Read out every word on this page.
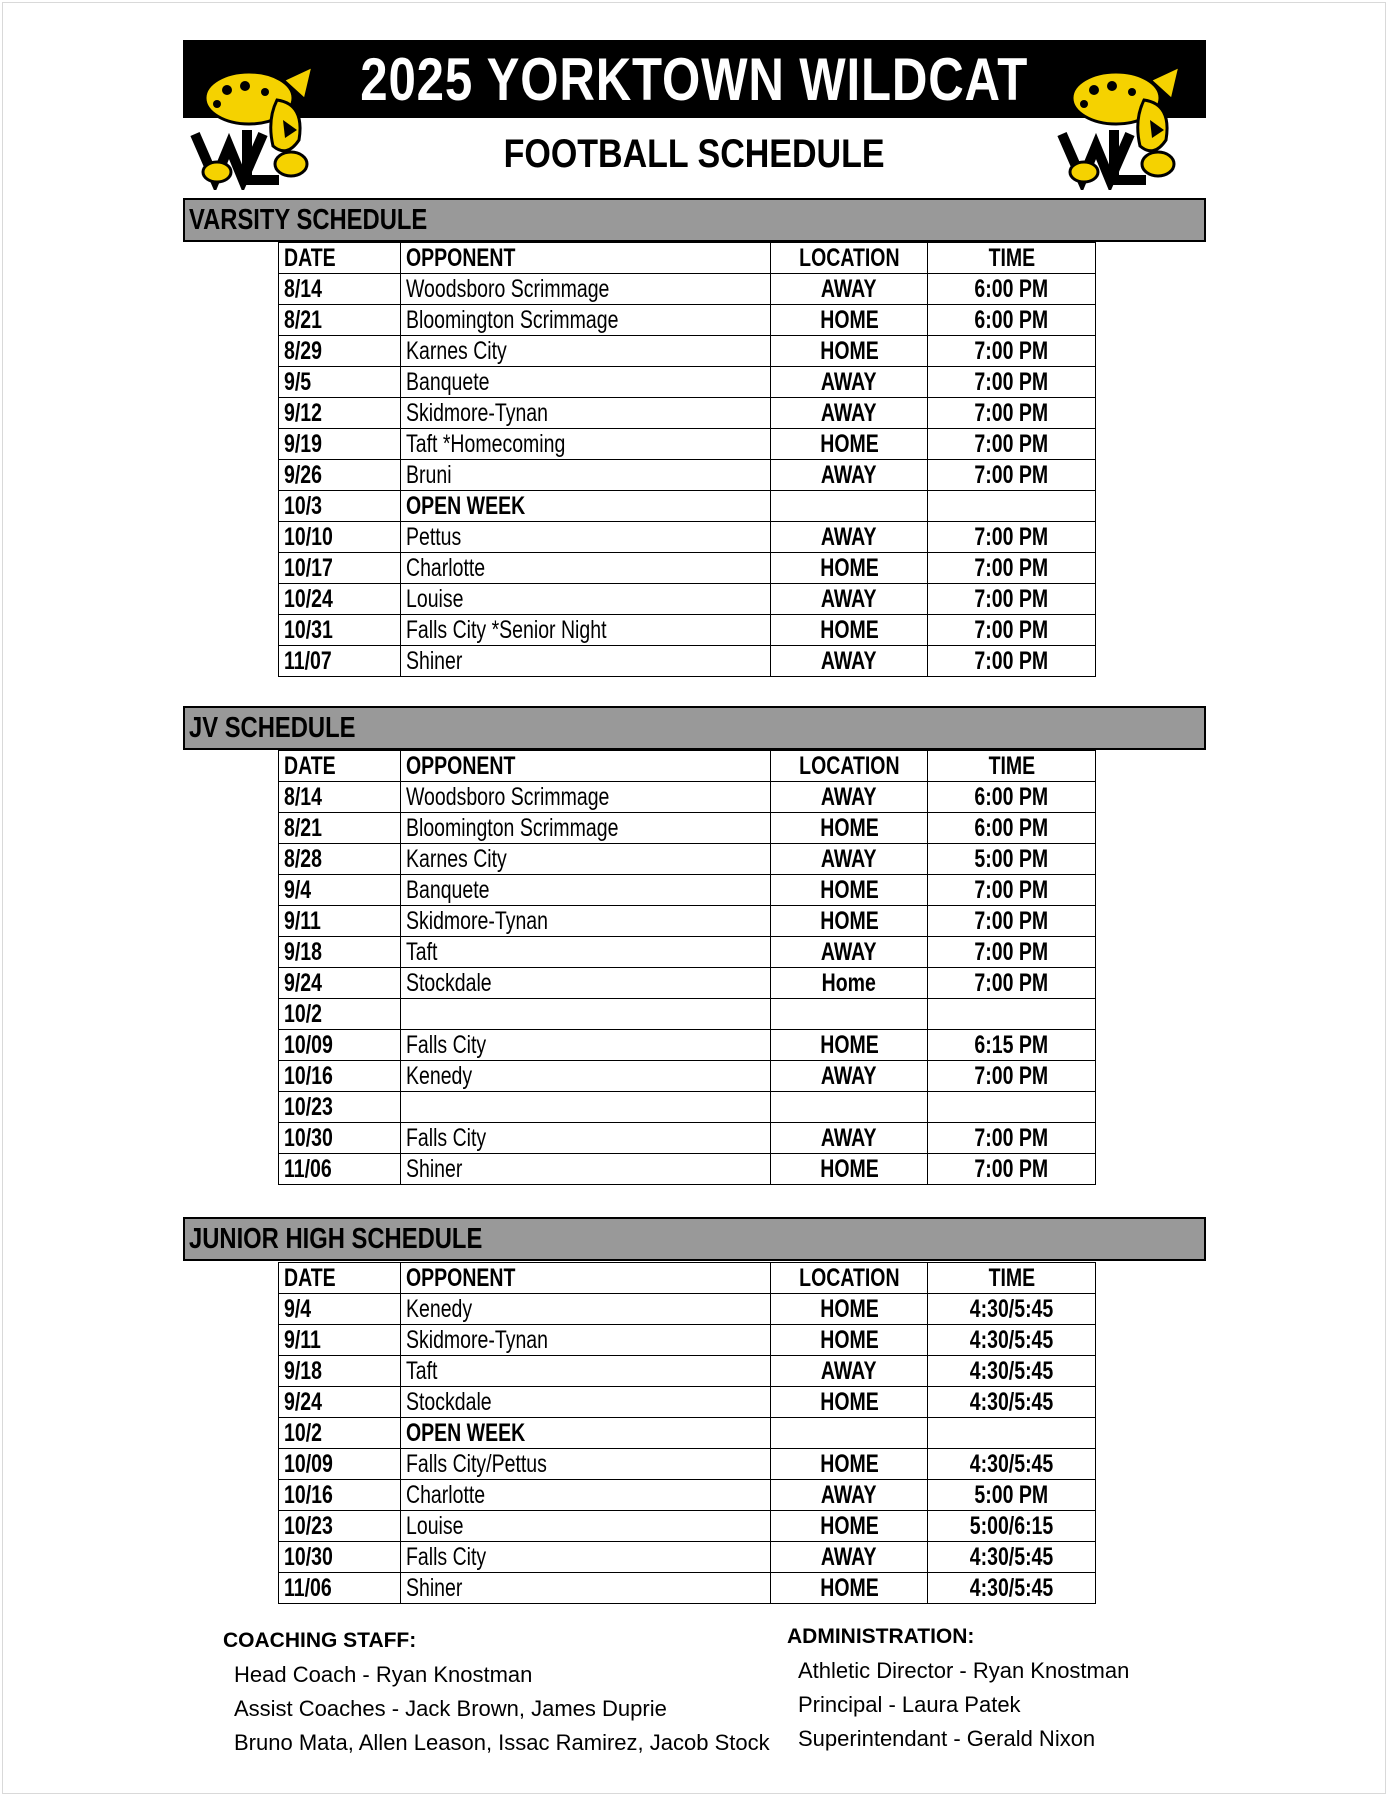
2025 YORKTOWN WILDCAT
FOOTBALL SCHEDULE
VARSITY SCHEDULE
DATE	OPPONENT	LOCATION	TIME
8/14	Woodsboro Scrimmage	AWAY	6:00 PM
8/21	Bloomington Scrimmage	HOME	6:00 PM
8/29	Karnes City	HOME	7:00 PM
9/5	Banquete	AWAY	7:00 PM
9/12	Skidmore-Tynan	AWAY	7:00 PM
9/19	Taft *Homecoming	HOME	7:00 PM
9/26	Bruni	AWAY	7:00 PM
10/3	OPEN WEEK		
10/10	Pettus	AWAY	7:00 PM
10/17	Charlotte	HOME	7:00 PM
10/24	Louise	AWAY	7:00 PM
10/31	Falls City *Senior Night	HOME	7:00 PM
11/07	Shiner	AWAY	7:00 PM
JV SCHEDULE
DATE	OPPONENT	LOCATION	TIME
8/14	Woodsboro Scrimmage	AWAY	6:00 PM
8/21	Bloomington Scrimmage	HOME	6:00 PM
8/28	Karnes City	AWAY	5:00 PM
9/4	Banquete	HOME	7:00 PM
9/11	Skidmore-Tynan	HOME	7:00 PM
9/18	Taft	AWAY	7:00 PM
9/24	Stockdale	Home	7:00 PM
10/2			
10/09	Falls City	HOME	6:15 PM
10/16	Kenedy	AWAY	7:00 PM
10/23			
10/30	Falls City	AWAY	7:00 PM
11/06	Shiner	HOME	7:00 PM
JUNIOR HIGH SCHEDULE
DATE	OPPONENT	LOCATION	TIME
9/4	Kenedy	HOME	4:30/5:45
9/11	Skidmore-Tynan	HOME	4:30/5:45
9/18	Taft	AWAY	4:30/5:45
9/24	Stockdale	HOME	4:30/5:45
10/2	OPEN WEEK		
10/09	Falls City/Pettus	HOME	4:30/5:45
10/16	Charlotte	AWAY	5:00 PM
10/23	Louise	HOME	5:00/6:15
10/30	Falls City	AWAY	4:30/5:45
11/06	Shiner	HOME	4:30/5:45
COACHING STAFF:
Head Coach - Ryan Knostman
Assist Coaches - Jack Brown, James Duprie
Bruno Mata, Allen Leason, Issac Ramirez, Jacob Stock
ADMINISTRATION:
Athletic Director - Ryan Knostman
Principal - Laura Patek
Superintendant - Gerald Nixon
